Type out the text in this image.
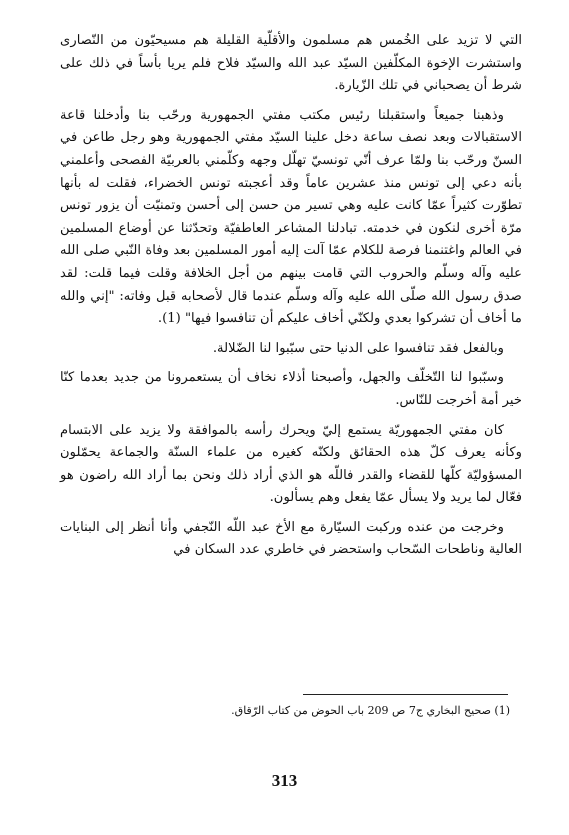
التي لا تزيد على الخُمس هم مسلمون والأقلّية القليلة هم مسيحيّون من النّصارى واستشرت الإخوة المكلّفين السيّد عبد الله والسيّد فلاح فلم يريا بأساً في ذلك على شرط أن يصحباني في تلك الزّيارة.

وذهبنا جميعاً واستقبلنا رئيس مكتب مفتي الجمهورية ورحّب بنا وأدخلنا قاعة الاستقبالات وبعد نصف ساعة دخل علينا السيّد مفتي الجمهورية وهو رجل طاعن في السنّ ورحّب بنا ولمّا عرف أنّي تونسيّ تهلّل وجهه وكلّمني بالعربيّة الفصحى وأعلمني بأنه دعي إلى تونس منذ عشرين عاماً وقد أعجبته تونس الخضراء، فقلت له بأنها تطوّرت كثيراً عمّا كانت عليه وهي تسير من حسن إلى أحسن وتمنيّت أن يزور تونس مرّة أخرى لنكون في خدمته. تبادلنا المشاعر العاطفيّة وتحدّثنا عن أوضاع المسلمين في العالم واغتنمنا فرصة للكلام عمّا آلت إليه أمور المسلمين بعد وفاة النّبي صلى الله عليه وآله وسلّم والحروب التي قامت بينهم من أجل الخلافة وقلت فيما قلت: لقد صدق رسول الله صلّى الله عليه وآله وسلّم عندما قال لأصحابه قبل وفاته: "إني والله ما أخاف أن تشركوا بعدي ولكنّي أخاف عليكم أن تنافسوا فيها" (1).

وبالفعل فقد تنافسوا على الدنيا حتى سبّبوا لنا الضّلالة.

وسبّبوا لنا التّخلّف والجهل، وأصبحنا أذلاء نخاف أن يستعمرونا من جديد بعدما كنّا خير أمة أخرجت للنّاس.

كان مفتي الجمهوريّة يستمع إليّ ويحرك رأسه بالموافقة ولا يزيد على الابتسام وكأنه يعرف كلّ هذه الحقائق ولكنّه كغيره من علماء السنّة والجماعة يحمّلون المسؤوليّة كلّها للقضاء والقدر فاللّه هو الذي أراد ذلك ونحن بما أراد الله راضون هو فعّال لما يريد ولا يسأل عمّا يفعل وهم يسألون.

وخرجت من عنده وركبت السيّارة مع الأخ عبد اللّه النّجفي وأنا أنظر إلى البنايات العالية وناطحات السّحاب واستحضر في خاطري عدد السكان في

(1) صحيح البخاري ج7 ص 209 باب الحوض من كتاب الرّقاق.
313
